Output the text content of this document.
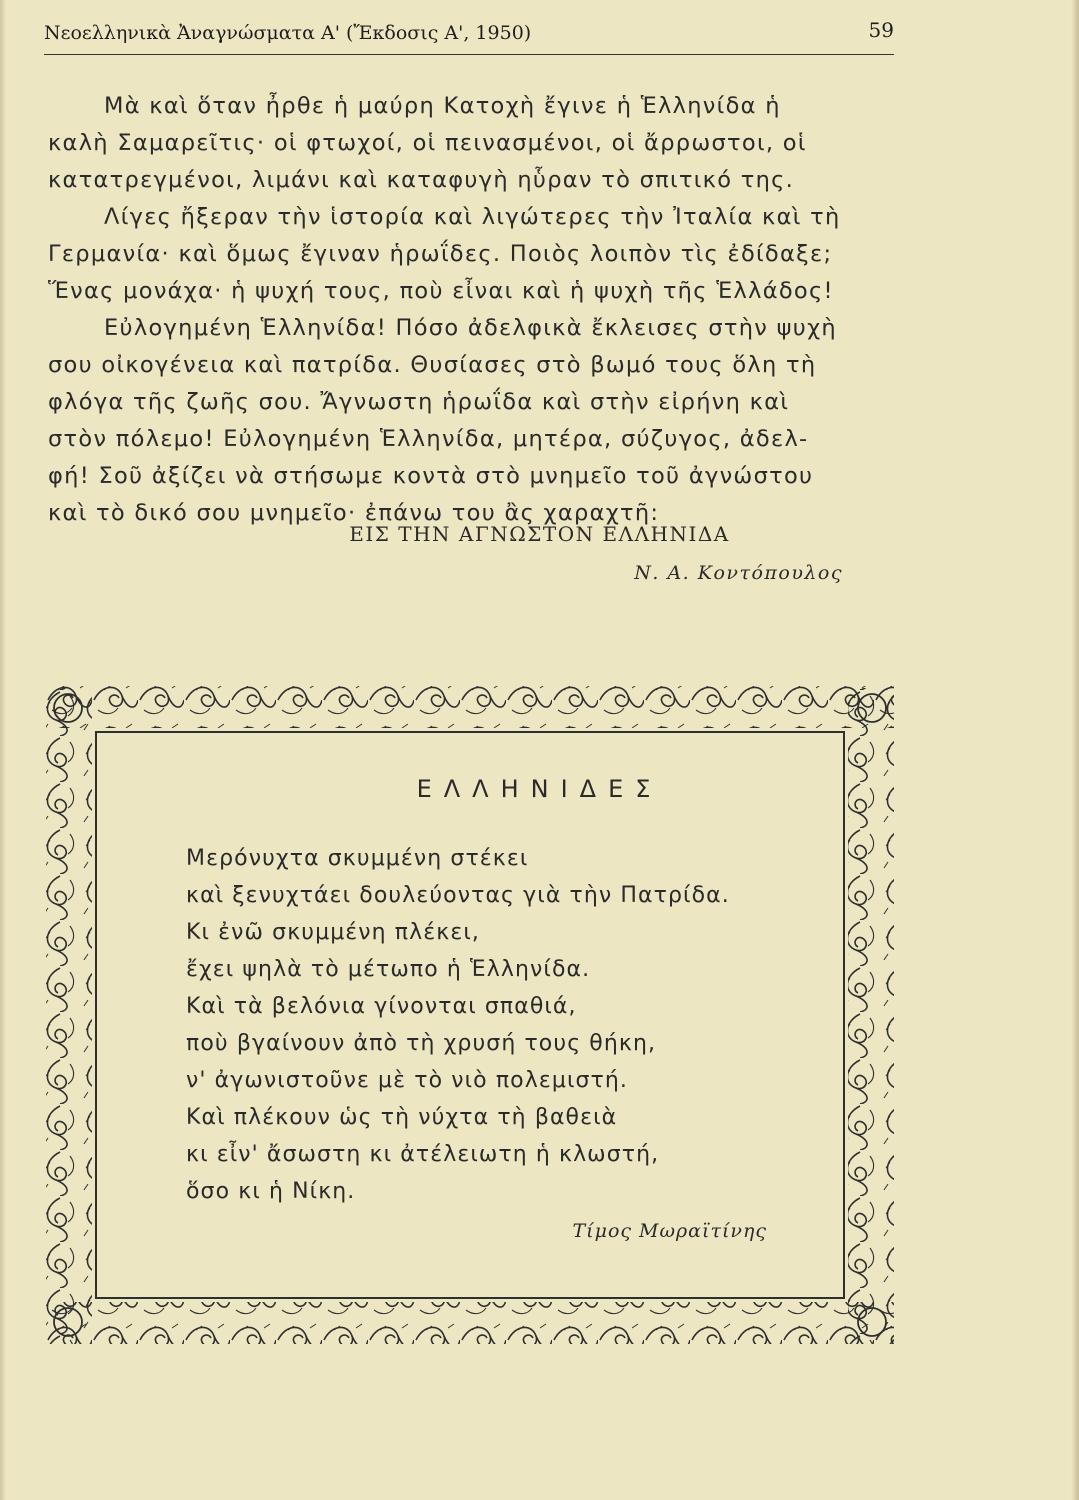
Νεοελληνικὰ Ἀναγνώσματα Α' (Ἔκδοσις Α', 1950)	59
Μὰ καὶ ὅταν ἦρθε ἡ μαύρη Κατοχὴ ἔγινε ἡ Ἑλληνίδα ἡ
καλὴ Σαμαρεῖτις· οἱ φτωχοί, οἱ πεινασμένοι, οἱ ἄρρωστοι, οἱ
κατατρεγμένοι, λιμάνι καὶ καταφυγὴ ηὗραν τὸ σπιτικό της.
Λίγες ἤξεραν τὴν ἱστορία καὶ λιγώτερες τὴν Ἰταλία καὶ τὴ
Γερμανία· καὶ ὅμως ἔγιναν ἡρωΐδες. Ποιὸς λοιπὸν τὶς ἐδίδαξε;
Ἕνας μονάχα· ἡ ψυχή τους, ποὺ εἶναι καὶ ἡ ψυχὴ τῆς Ἑλλάδος!
Εὐλογημένη Ἑλληνίδα! Πόσο ἀδελφικὰ ἔκλεισες στὴν ψυχὴ
σου οἰκογένεια καὶ πατρίδα. Θυσίασες στὸ βωμό τους ὅλη τὴ
φλόγα τῆς ζωῆς σου. Ἄγνωστη ἡρωΐδα καὶ στὴν εἰρήνη καὶ
στὸν πόλεμο! Εὐλογημένη Ἑλληνίδα, μητέρα, σύζυγος, ἀδελ-
φή! Σοῦ ἀξίζει νὰ στήσωμε κοντὰ στὸ μνημεῖο τοῦ ἀγνώστου
καὶ τὸ δικό σου μνημεῖο· ἐπάνω του ἂς χαραχτῆ:
ΕΙΣ ΤΗΝ ΑΓΝΩΣΤΟΝ ΕΛΛΗΝΙΔΑ
Ν. Α. Κοντόπουλος
ΕΛΛΗΝΙΔΕΣ
Μερόνυχτα σκυμμένη στέκει
καὶ ξενυχτάει δουλεύοντας γιὰ τὴν Πατρίδα.
Κι ἐνῶ σκυμμένη πλέκει,
ἔχει ψηλὰ τὸ μέτωπο ἡ Ἑλληνίδα.
Καὶ τὰ βελόνια γίνονται σπαθιά,
ποὺ βγαίνουν ἀπὸ τὴ χρυσή τους θήκη,
ν' ἀγωνιστοῦνε μὲ τὸ νιὸ πολεμιστή.
Καὶ πλέκουν ὡς τὴ νύχτα τὴ βαθειὰ
κι εἶν' ἄσωστη κι ἀτέλειωτη ἡ κλωστή,
ὅσο κι ἡ Νίκη.
Τίμος Μωραϊτίνης
